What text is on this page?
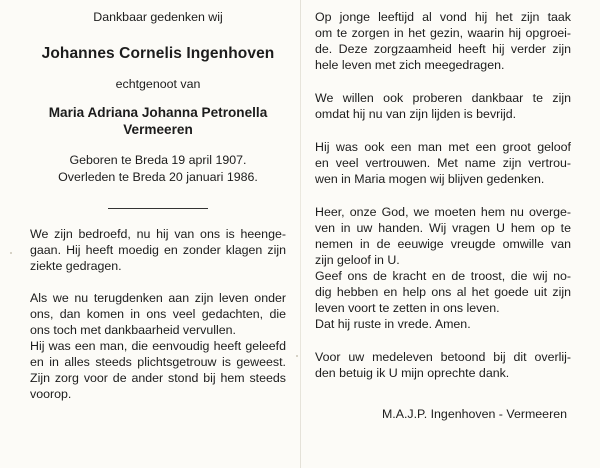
Dankbaar gedenken wij
Johannes Cornelis Ingenhoven
echtgenoot van
Maria Adriana Johanna Petronella
Vermeeren
Geboren te Breda 19 april 1907.
Overleden te Breda 20 januari 1986.
We zijn bedroefd, nu hij van ons is heenge-
gaan. Hij heeft moedig en zonder klagen zijn
ziekte gedragen.
Als we nu terugdenken aan zijn leven onder
ons, dan komen in ons veel gedachten, die
ons toch met dankbaarheid vervullen.
Hij was een man, die eenvoudig heeft geleefd
en in alles steeds plichtsgetrouw is geweest.
Zijn zorg voor de ander stond bij hem steeds
voorop.
Op jonge leeftijd al vond hij het zijn taak
om te zorgen in het gezin, waarin hij opgroei-
de. Deze zorgzaamheid heeft hij verder zijn
hele leven met zich meegedragen.
We willen ook proberen dankbaar te zijn
omdat hij nu van zijn lijden is bevrijd.
Hij was ook een man met een groot geloof
en veel vertrouwen. Met name zijn vertrou-
wen in Maria mogen wij blijven gedenken.
Heer, onze God, we moeten hem nu overge-
ven in uw handen. Wij vragen U hem op te
nemen in de eeuwige vreugde omwille van
zijn geloof in U.
Geef ons de kracht en de troost, die wij no-
dig hebben en help ons al het goede uit zijn
leven voort te zetten in ons leven.
Dat hij ruste in vrede. Amen.
Voor uw medeleven betoond bij dit overlij-
den betuig ik U mijn oprechte dank.
M.A.J.P. Ingenhoven - Vermeeren
